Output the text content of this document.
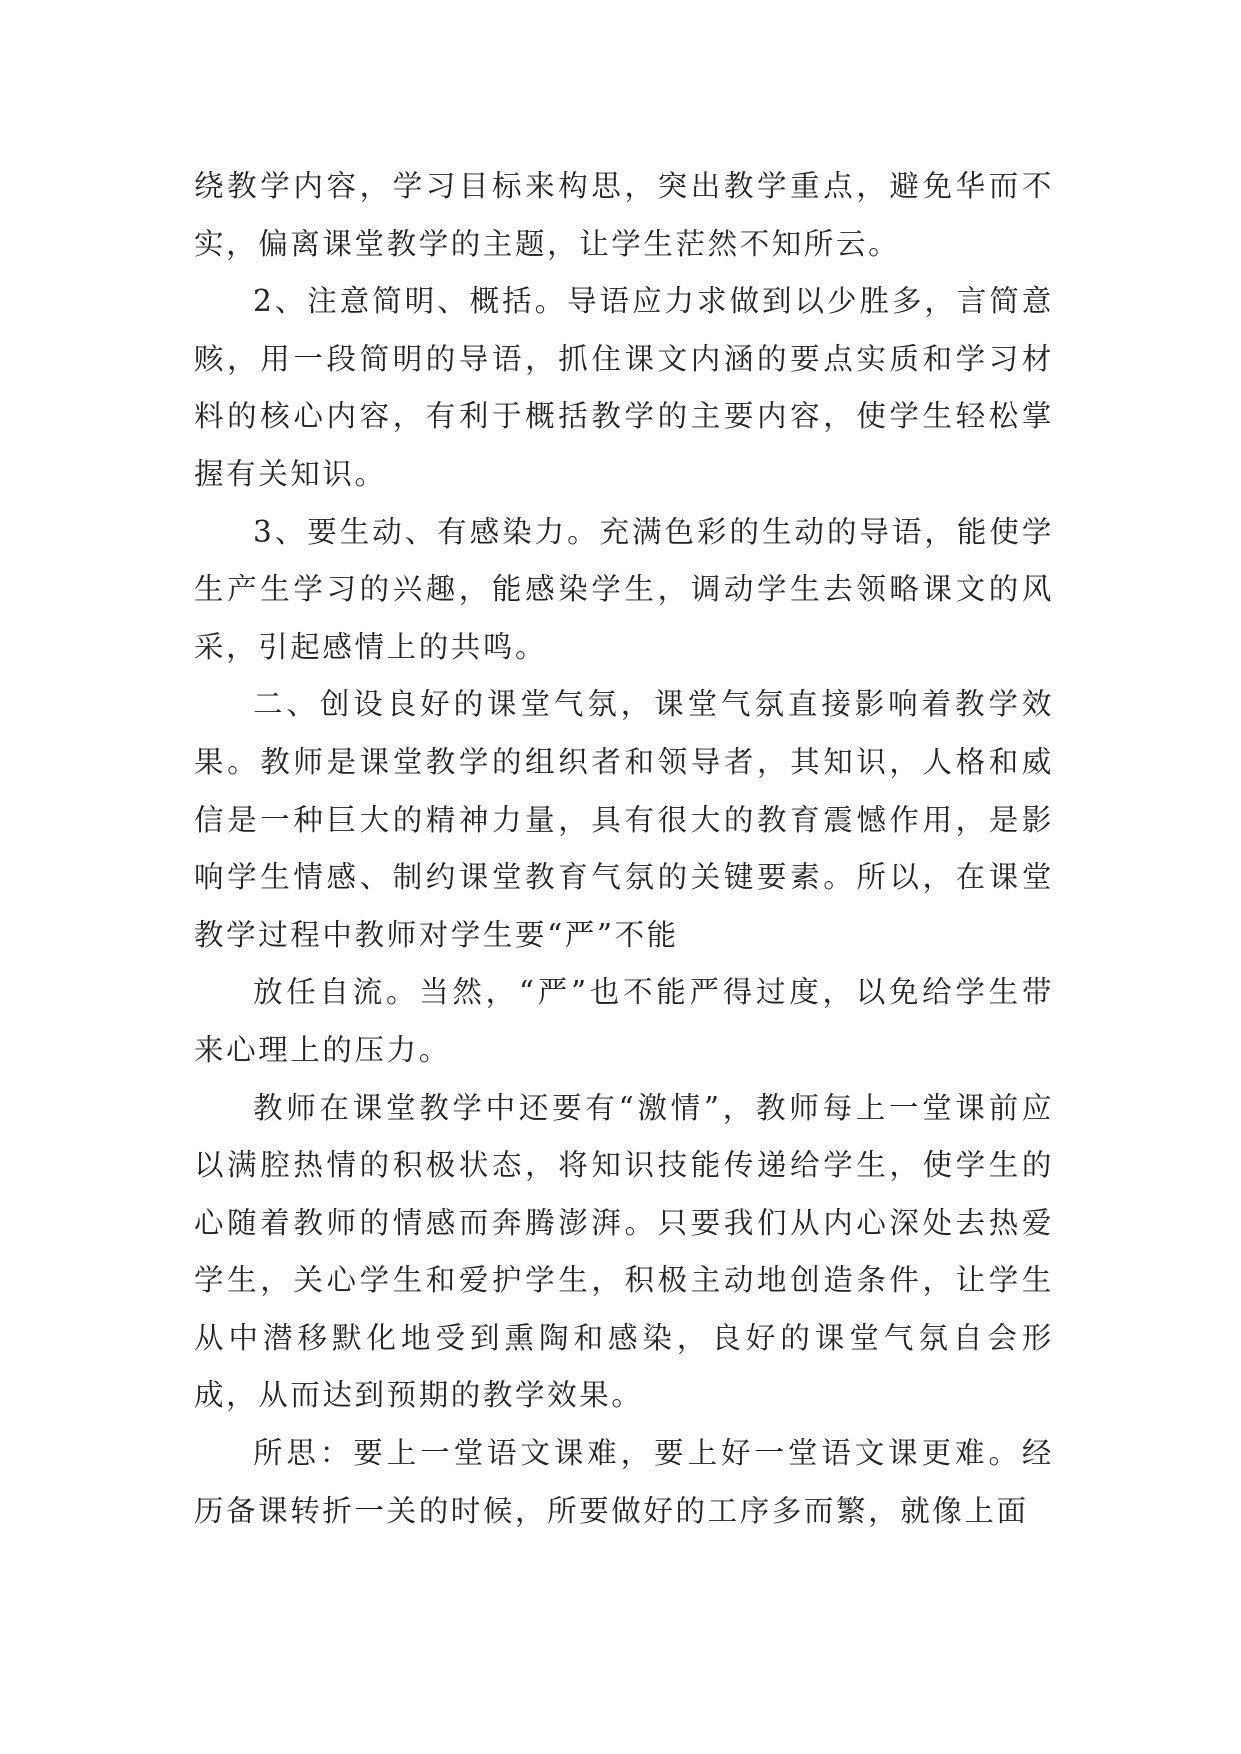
绕教学内容，学习目标来构思，突出教学重点，避免华而不实，偏离课堂教学的主题，让学生茫然不知所云。

2、注意简明、概括。导语应力求做到以少胜多，言简意赅，用一段简明的导语，抓住课文内涵的要点实质和学习材料的核心内容，有利于概括教学的主要内容，使学生轻松掌握有关知识。

3、要生动、有感染力。充满色彩的生动的导语，能使学生产生学习的兴趣，能感染学生，调动学生去领略课文的风采，引起感情上的共鸣。

二、创设良好的课堂气氛，课堂气氛直接影响着教学效果。教师是课堂教学的组织者和领导者，其知识，人格和威信是一种巨大的精神力量，具有很大的教育震憾作用，是影响学生情感、制约课堂教育气氛的关键要素。所以，在课堂教学过程中教师对学生要“严”不能

放任自流。当然，“严”也不能严得过度，以免给学生带来心理上的压力。

教师在课堂教学中还要有“激情”，教师每上一堂课前应以满腔热情的积极状态，将知识技能传递给学生，使学生的心随着教师的情感而奔腾澎湃。只要我们从内心深处去热爱学生，关心学生和爱护学生，积极主动地创造条件，让学生从中潜移默化地受到熏陶和感染，良好的课堂气氛自会形成，从而达到预期的教学效果。

所思：要上一堂语文课难，要上好一堂语文课更难。经历备课转折一关的时候，所要做好的工序多而繁，就像上面
